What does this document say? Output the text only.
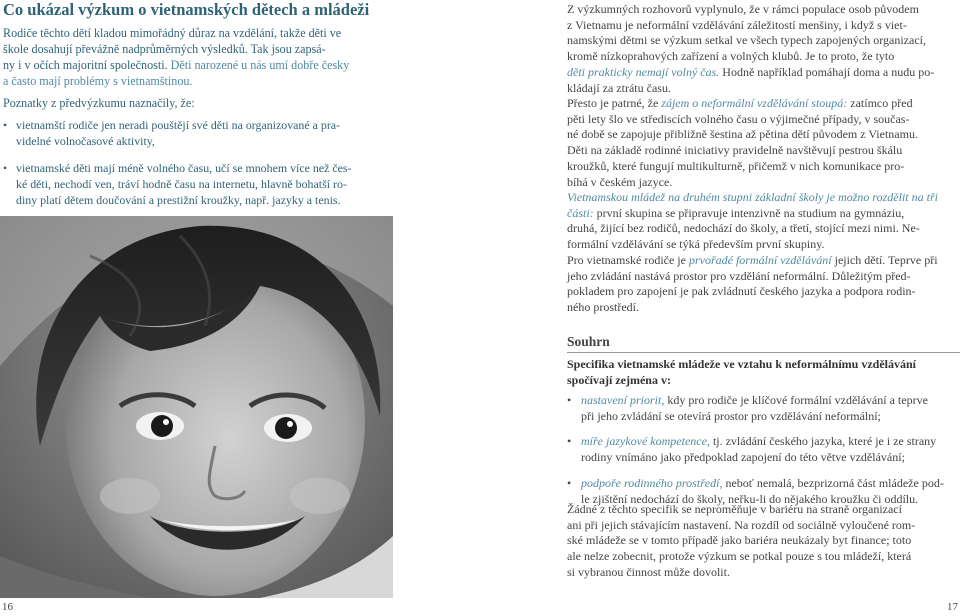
Co ukázal výzkum o vietnamských dětech a mládeži
Rodiče těchto dětí kladou mimořádný důraz na vzdělání, takže děti ve
škole dosahují převážně nadprůměrných výsledků. Tak jsou zapsá-
ny i v očích majoritní společnosti. Děti narozené u nás umí dobře česky
a často mají problémy s vietnamštinou.

Poznatky z předvýzkumu naznačily, že:

• vietnamští rodiče jen neradi pouštějí své děti na organizované a pra-
videlné volnočasové aktivity,
• vietnamské děti mají méně volného času, učí se mnohem více než čes-
ké děti, nechodí ven, tráví hodně času na internetu, hlavně bohatší ro-
diny platí dětem doučování a prestižní kroužky, např. jazyky a tenis.
16
Z výzkumných rozhovorů vyplynulo, že v rámci populace osob původem
z Vietnamu je neformální vzdělávání záležitostí menšiny, i když s viet-
namskými dětmi se výzkum setkal ve všech typech zapojených organizací,
kromě nízkoprahových zařízení a volných klubů. Je to proto, že tyto
děti prakticky nemají volný čas. Hodně například pomáhají doma a nudu po-
kládají za ztrátu času.
Přesto je patrné, že zájem o neformální vzdělávání stoupá: zatímco před
pěti lety šlo ve střediscích volného času o výjimečné případy, v součas-
né době se zapojuje přibližně šestina až pětina dětí původem z Vietnamu.
Děti na základě rodinné iniciativy pravidelně navštěvují pestrou škálu
kroužků, které fungují multikulturně, přičemž v nich komunikace pro-
bíhá v českém jazyce.
Vietnamskou mládež na druhém stupni základní školy je možno rozdělit na tři
části: první skupina se připravuje intenzivně na studium na gymnáziu,
druhá, žijící bez rodičů, nedochází do školy, a třetí, stojící mezi nimi. Ne-
formální vzdělávání se týká především první skupiny.
Pro vietnamské rodiče je prvořadé formální vzdělávání jejich dětí. Teprve při
jeho zvládání nastává prostor pro vzdělání neformální. Důležitým před-
pokladem pro zapojení je pak zvládnutí českého jazyka a podpora rodin-
ného prostředí.
Souhrn

Specifika vietnamské mládeže ve vztahu k neformálnímu vzdělávání
spočívají zejména v:

• nastavení priorit, kdy pro rodiče je klíčové formální vzdělávání a teprve
při jeho zvládání se otevírá prostor pro vzdělávání neformální;
• míře jazykové kompetence, tj. zvládání českého jazyka, které je i ze strany
rodiny vnímáno jako předpoklad zapojení do této větve vzdělávání;
• podpoře rodinného prostředí, neboť nemalá, bezprizorná část mládeže pod-
le zjištění nedochází do školy, neřku-li do nějakého kroužku či oddílu.
Žádné z těchto specifik se neproměňuje v bariéru na straně organizací
ani při jejich stávajícím nastavení. Na rozdíl od sociálně vyloučené rom-
ské mládeže se v tomto případě jako bariéra neukázaly byt finance; toto
ale nelze zobecnit, protože výzkum se potkal pouze s tou mládeží, která
si vybranou činnost může dovolit.
17
